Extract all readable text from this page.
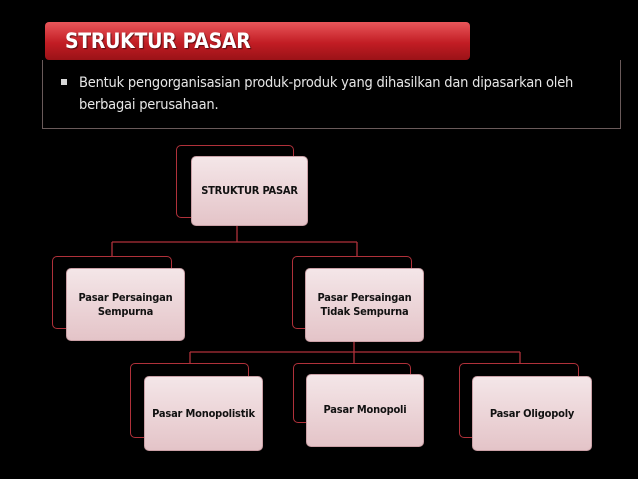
STRUKTUR PASAR
Bentuk pengorganisasian produk-produk yang dihasilkan dan dipasarkan oleh berbagai perusahaan.
STRUKTUR PASAR
Pasar Persaingan Sempurna
Pasar Persaingan Tidak Sempurna
Pasar Monopolistik	Pasar Monopoli	Pasar Oligopoly
